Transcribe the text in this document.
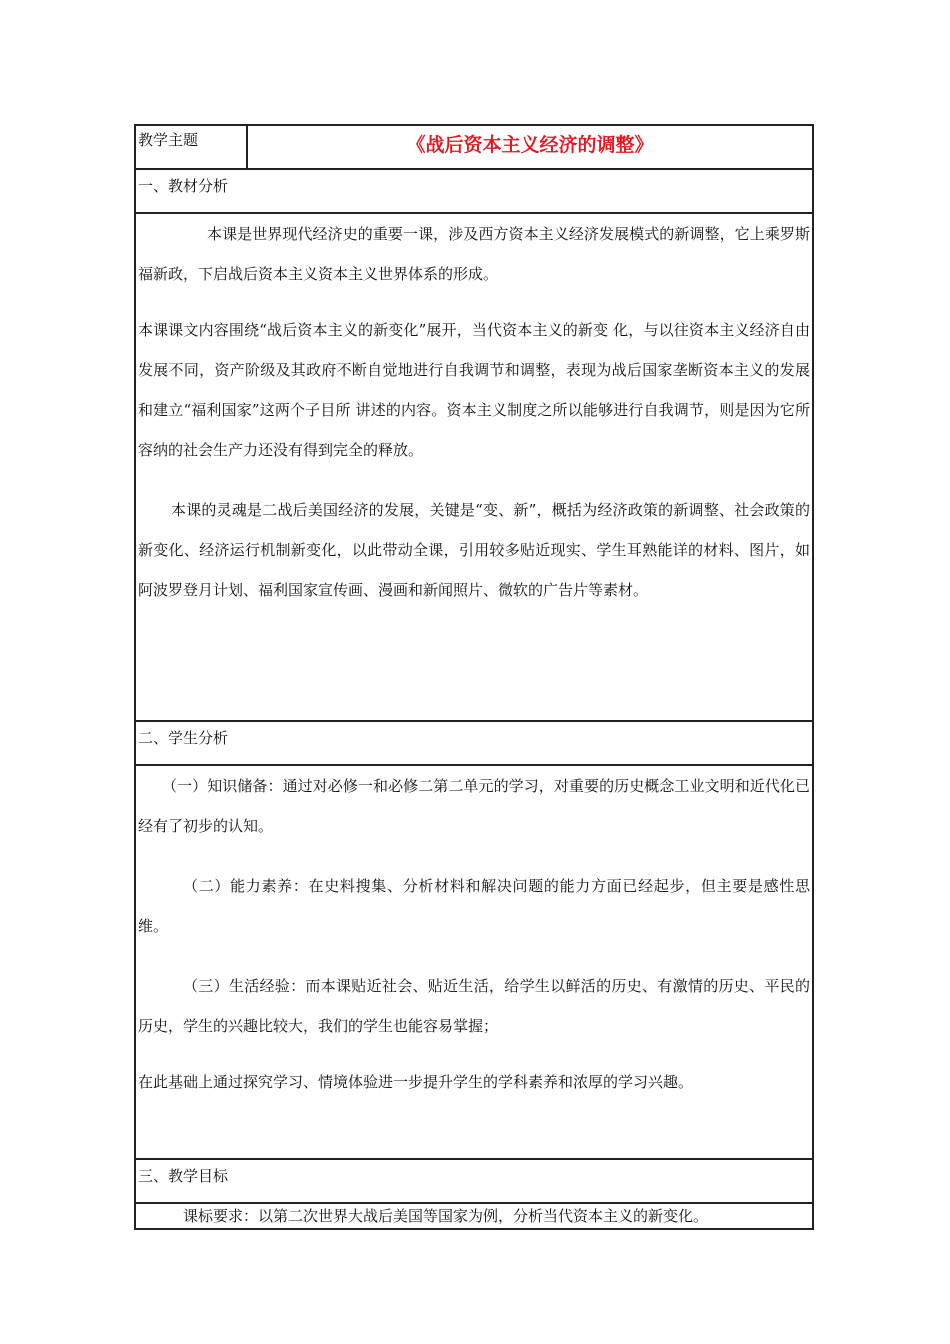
教学主题	《战后资本主义经济的调整》
一、教材分析

本课是世界现代经济史的重要一课，涉及西方资本主义经济发展模式的新调整，它上乘罗斯福新政，下启战后资本主义资本主义世界体系的形成。

本课课文内容围绕“战后资本主义的新变化”展开，当代资本主义的新变 化，与以往资本主义经济自由发展不同，资产阶级及其政府不断自觉地进行自我调节和调整，表现为战后国家垄断资本主义的发展和建立“福利国家”这两个子目所 讲述的内容。资本主义制度之所以能够进行自我调节，则是因为它所容纳的社会生产力还没有得到完全的释放。

本课的灵魂是二战后美国经济的发展，关键是“变、新”，概括为经济政策的新调整、社会政策的新变化、经济运行机制新变化，以此带动全课，引用较多贴近现实、学生耳熟能详的材料、图片，如阿波罗登月计划、福利国家宣传画、漫画和新闻照片、微软的广告片等素材。

二、学生分析

（一）知识储备：通过对必修一和必修二第二单元的学习，对重要的历史概念工业文明和近代化已经有了初步的认知。

（二）能力素养：在史料搜集、分析材料和解决问题的能力方面已经起步，但主要是感性思维。

（三）生活经验：而本课贴近社会、贴近生活，给学生以鲜活的历史、有激情的历史、平民的历史，学生的兴趣比较大，我们的学生也能容易掌握；

在此基础上通过探究学习、情境体验进一步提升学生的学科素养和浓厚的学习兴趣。

三、教学目标

课标要求：以第二次世界大战后美国等国家为例，分析当代资本主义的新变化。
